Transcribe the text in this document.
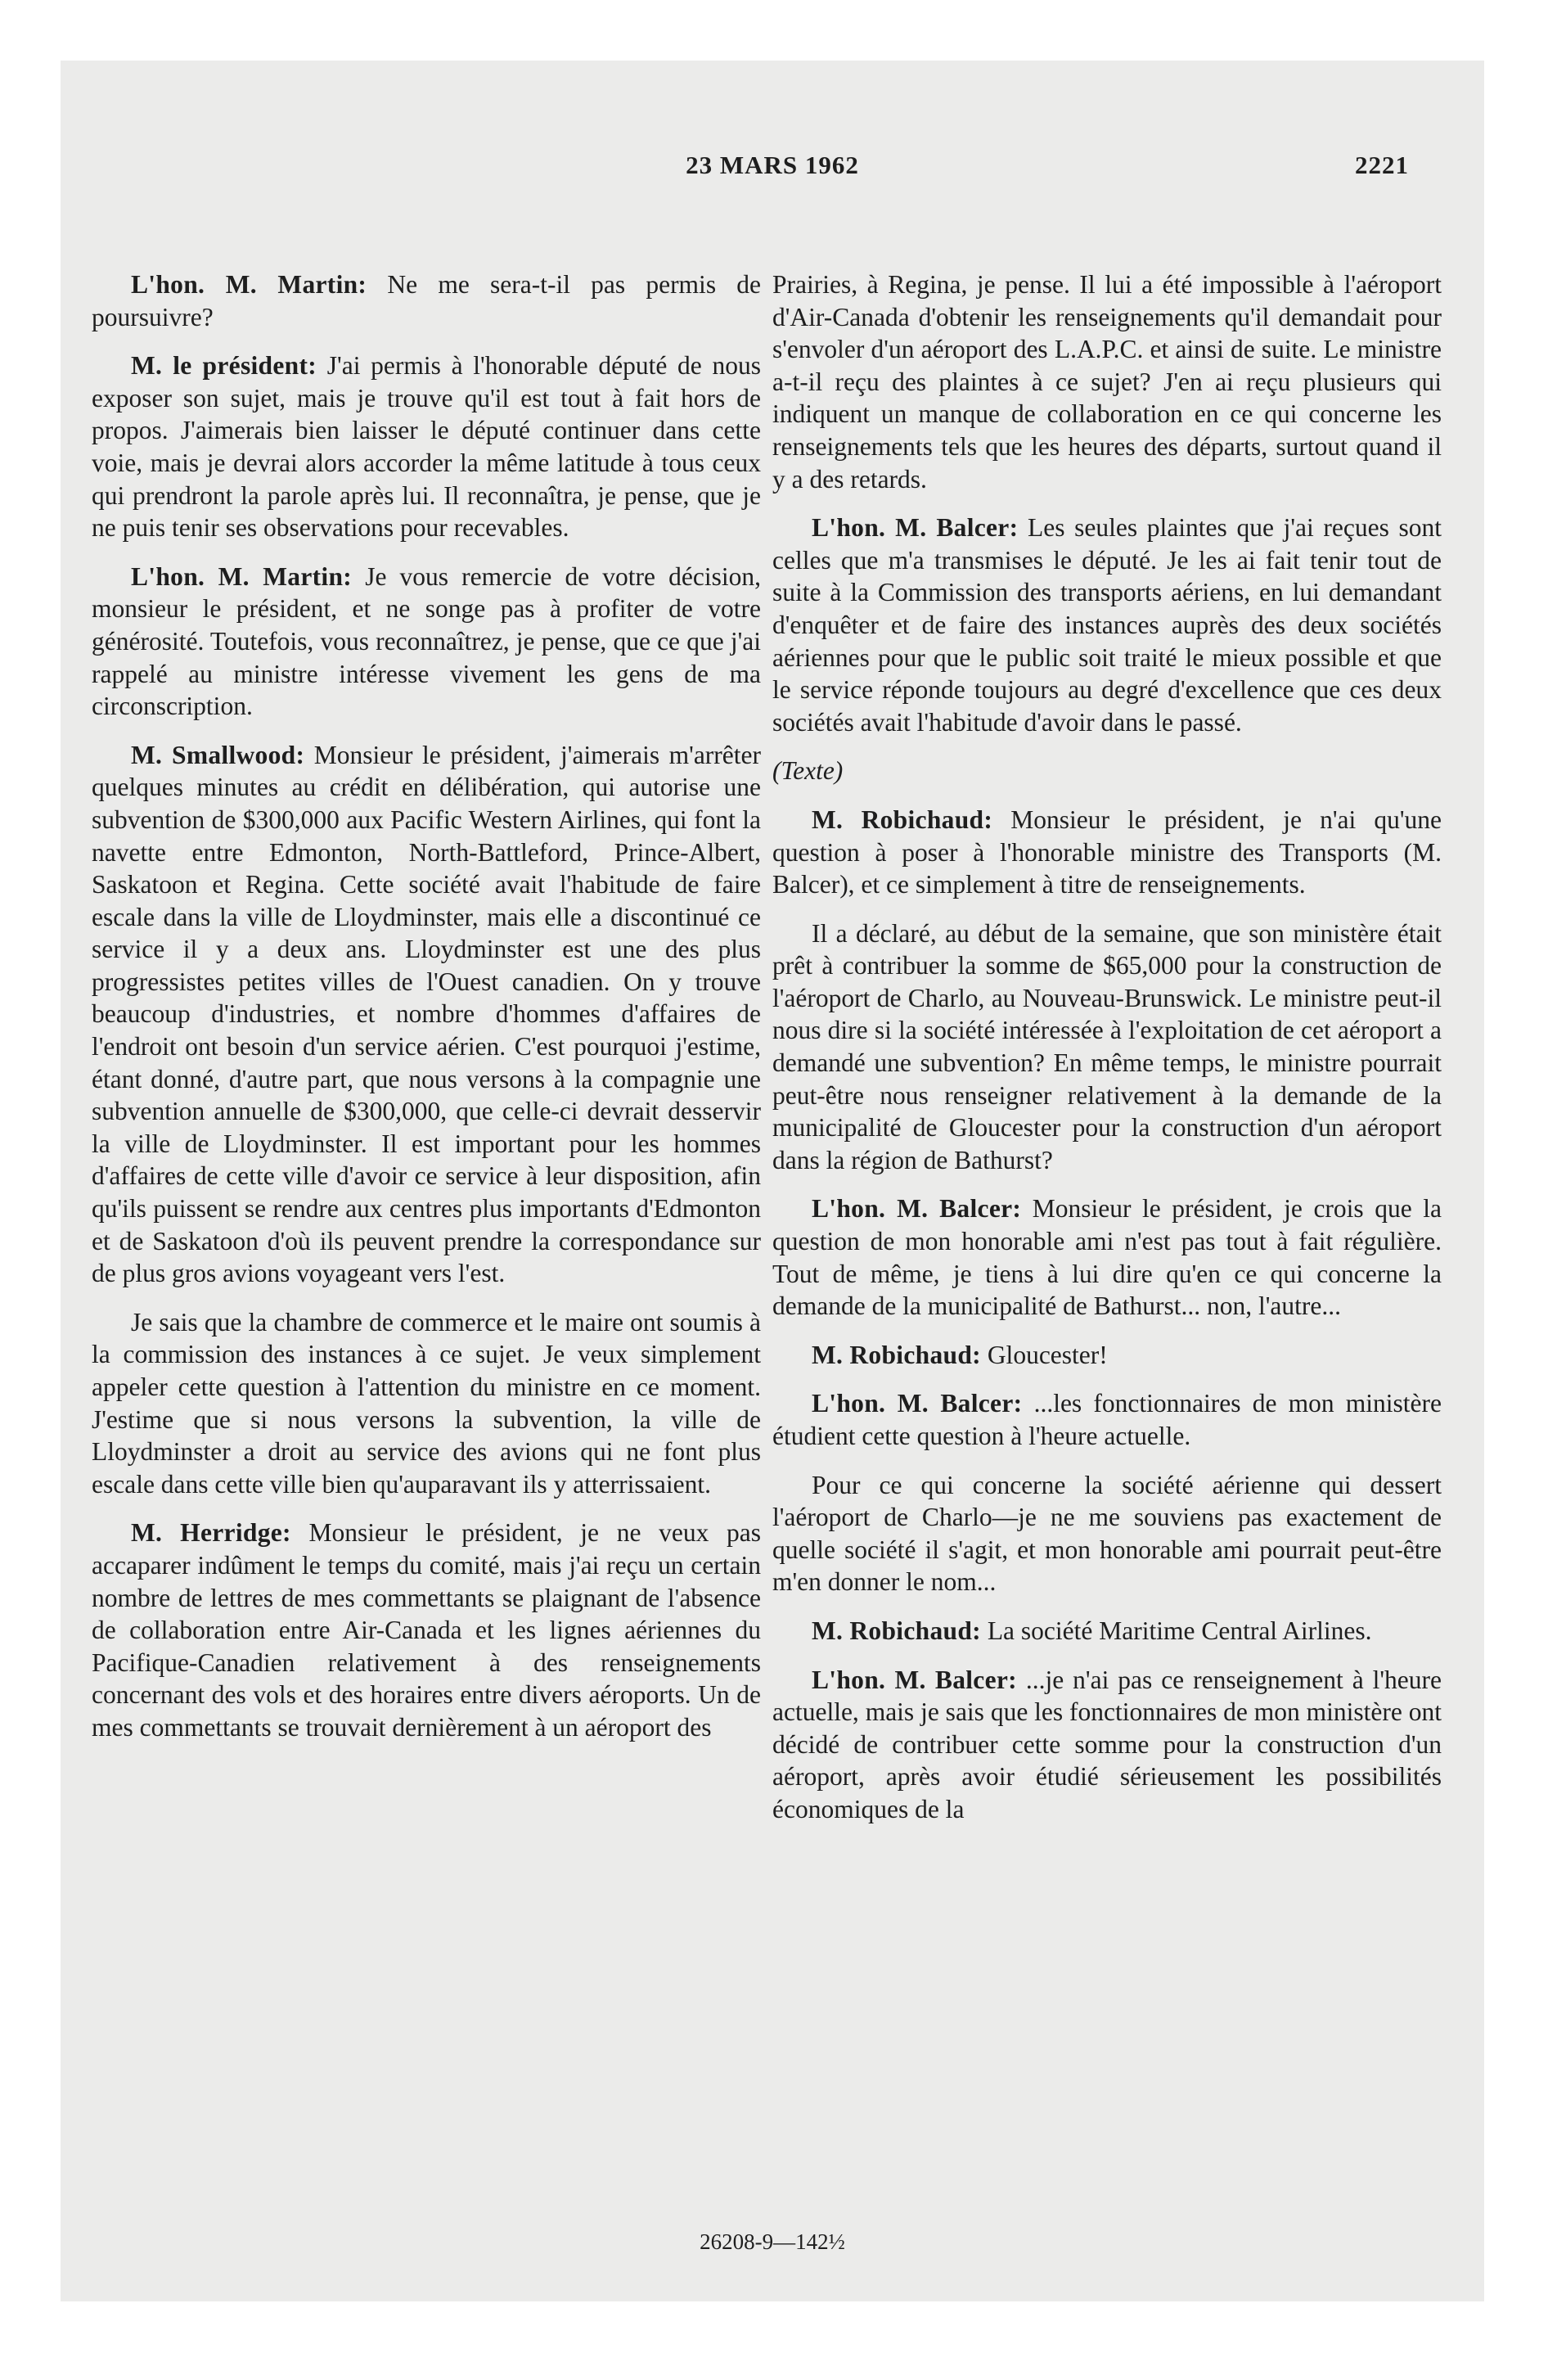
23 MARS 1962	2221

L'hon. M. Martin: Ne me sera-t-il pas permis de poursuivre?

M. le président: J'ai permis à l'honorable député de nous exposer son sujet, mais je trouve qu'il est tout à fait hors de propos. J'aimerais bien laisser le député continuer dans cette voie, mais je devrai alors accorder la même latitude à tous ceux qui prendront la parole après lui. Il reconnaîtra, je pense, que je ne puis tenir ses observations pour recevables.

L'hon. M. Martin: Je vous remercie de votre décision, monsieur le président, et ne songe pas à profiter de votre générosité. Toutefois, vous reconnaîtrez, je pense, que ce que j'ai rappelé au ministre intéresse vivement les gens de ma circonscription.

M. Smallwood: Monsieur le président, j'aimerais m'arrêter quelques minutes au crédit en délibération, qui autorise une subvention de $300,000 aux Pacific Western Airlines, qui font la navette entre Edmonton, North-Battleford, Prince-Albert, Saskatoon et Regina. Cette société avait l'habitude de faire escale dans la ville de Lloydminster, mais elle a discontinué ce service il y a deux ans. Lloydminster est une des plus progressistes petites villes de l'Ouest canadien. On y trouve beaucoup d'industries, et nombre d'hommes d'affaires de l'endroit ont besoin d'un service aérien. C'est pourquoi j'estime, étant donné, d'autre part, que nous versons à la compagnie une subvention annuelle de $300,000, que celle-ci devrait desservir la ville de Lloydminster. Il est important pour les hommes d'affaires de cette ville d'avoir ce service à leur disposition, afin qu'ils puissent se rendre aux centres plus importants d'Edmonton et de Saskatoon d'où ils peuvent prendre la correspondance sur de plus gros avions voyageant vers l'est.

Je sais que la chambre de commerce et le maire ont soumis à la commission des instances à ce sujet. Je veux simplement appeler cette question à l'attention du ministre en ce moment. J'estime que si nous versons la subvention, la ville de Lloydminster a droit au service des avions qui ne font plus escale dans cette ville bien qu'auparavant ils y atterrissaient.

M. Herridge: Monsieur le président, je ne veux pas accaparer indûment le temps du comité, mais j'ai reçu un certain nombre de lettres de mes commettants se plaignant de l'absence de collaboration entre Air-Canada et les lignes aériennes du Pacifique-Canadien relativement à des renseignements concernant des vols et des horaires entre divers aéroports. Un de mes commettants se trouvait dernièrement à un aéroport des

Prairies, à Regina, je pense. Il lui a été impossible à l'aéroport d'Air-Canada d'obtenir les renseignements qu'il demandait pour s'envoler d'un aéroport des L.A.P.C. et ainsi de suite. Le ministre a-t-il reçu des plaintes à ce sujet? J'en ai reçu plusieurs qui indiquent un manque de collaboration en ce qui concerne les renseignements tels que les heures des départs, surtout quand il y a des retards.

L'hon. M. Balcer: Les seules plaintes que j'ai reçues sont celles que m'a transmises le député. Je les ai fait tenir tout de suite à la Commission des transports aériens, en lui demandant d'enquêter et de faire des instances auprès des deux sociétés aériennes pour que le public soit traité le mieux possible et que le service réponde toujours au degré d'excellence que ces deux sociétés avait l'habitude d'avoir dans le passé.

(Texte)

M. Robichaud: Monsieur le président, je n'ai qu'une question à poser à l'honorable ministre des Transports (M. Balcer), et ce simplement à titre de renseignements.

Il a déclaré, au début de la semaine, que son ministère était prêt à contribuer la somme de $65,000 pour la construction de l'aéroport de Charlo, au Nouveau-Brunswick. Le ministre peut-il nous dire si la société intéressée à l'exploitation de cet aéroport a demandé une subvention? En même temps, le ministre pourrait peut-être nous renseigner relativement à la demande de la municipalité de Gloucester pour la construction d'un aéroport dans la région de Bathurst?

L'hon. M. Balcer: Monsieur le président, je crois que la question de mon honorable ami n'est pas tout à fait régulière. Tout de même, je tiens à lui dire qu'en ce qui concerne la demande de la municipalité de Bathurst... non, l'autre...

M. Robichaud: Gloucester!

L'hon. M. Balcer: ...les fonctionnaires de mon ministère étudient cette question à l'heure actuelle.

Pour ce qui concerne la société aérienne qui dessert l'aéroport de Charlo—je ne me souviens pas exactement de quelle société il s'agit, et mon honorable ami pourrait peut-être m'en donner le nom...

M. Robichaud: La société Maritime Central Airlines.

L'hon. M. Balcer: ...je n'ai pas ce renseignement à l'heure actuelle, mais je sais que les fonctionnaires de mon ministère ont décidé de contribuer cette somme pour la construction d'un aéroport, après avoir étudié sérieusement les possibilités économiques de la

26208-9—142½
